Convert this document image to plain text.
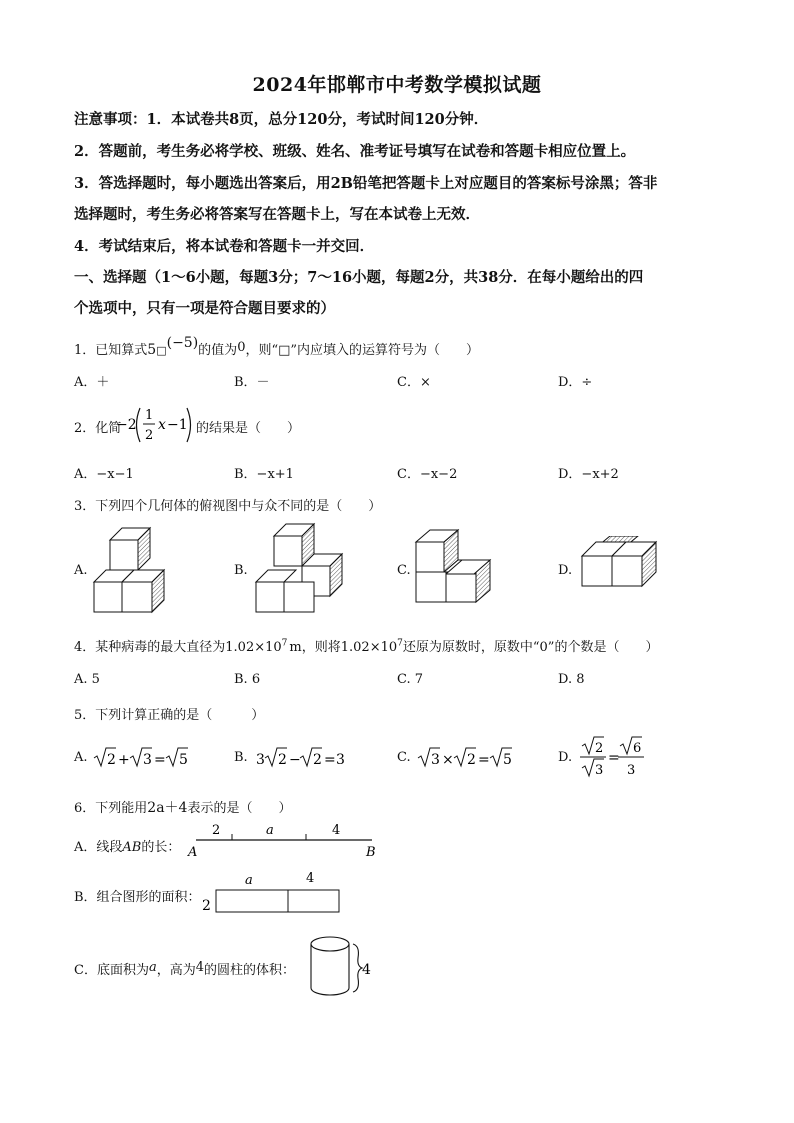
2024年邯郸市中考数学模拟试题
注意事项：1．本试卷共8页，总分120分，考试时间120分钟．
2．答题前，考生务必将学校、班级、姓名、准考证号填写在试卷和答题卡相应位置上。
3．答选择题时，每小题选出答案后，用2B铅笔把答题卡上对应题目的答案标号涂黑；答非
选择题时，考生务必将答案写在答题卡上，写在本试卷上无效．
4．考试结束后，将本试卷和答题卡一并交回．
一、选择题（1～6小题，每题3分；7～16小题，每题2分，共38分．在每小题给出的四
个选项中，只有一项是符合题目要求的）
1．已知算式5□(−5)的值为0，则“□”内应填入的运算符号为（　　）
A．＋	B．－	C．×	D．÷
2．化简
−2
1
2
x −1 的结果是（　　）
A．−x−1	B．−x+1	C．−x−2	D．−x+2
3．下列四个几何体的俯视图中与众不同的是（　　）
A.	B.	C.	D.
4．某种病毒的最大直径为$1.02\times 10^7$ m，则将$1.02\times 10^7$还原为原数时，原数中“0”的个数是（　　）
A. 5	B. 6	C. 7	D. 8
5．下列计算正确的是（　　　）
A. 2 + 3 = 5	B. 3 2 − 2 = 3	C. 3 × 2 = 5	D.
2
3
=
6
3
6．下列能用2a＋4表示的是（　　）
A．线段AB的长：
2	a	4
A	B
B．组合图形的面积：
a	4
2
C．底面积为a，高为4的圆柱的体积：	4
